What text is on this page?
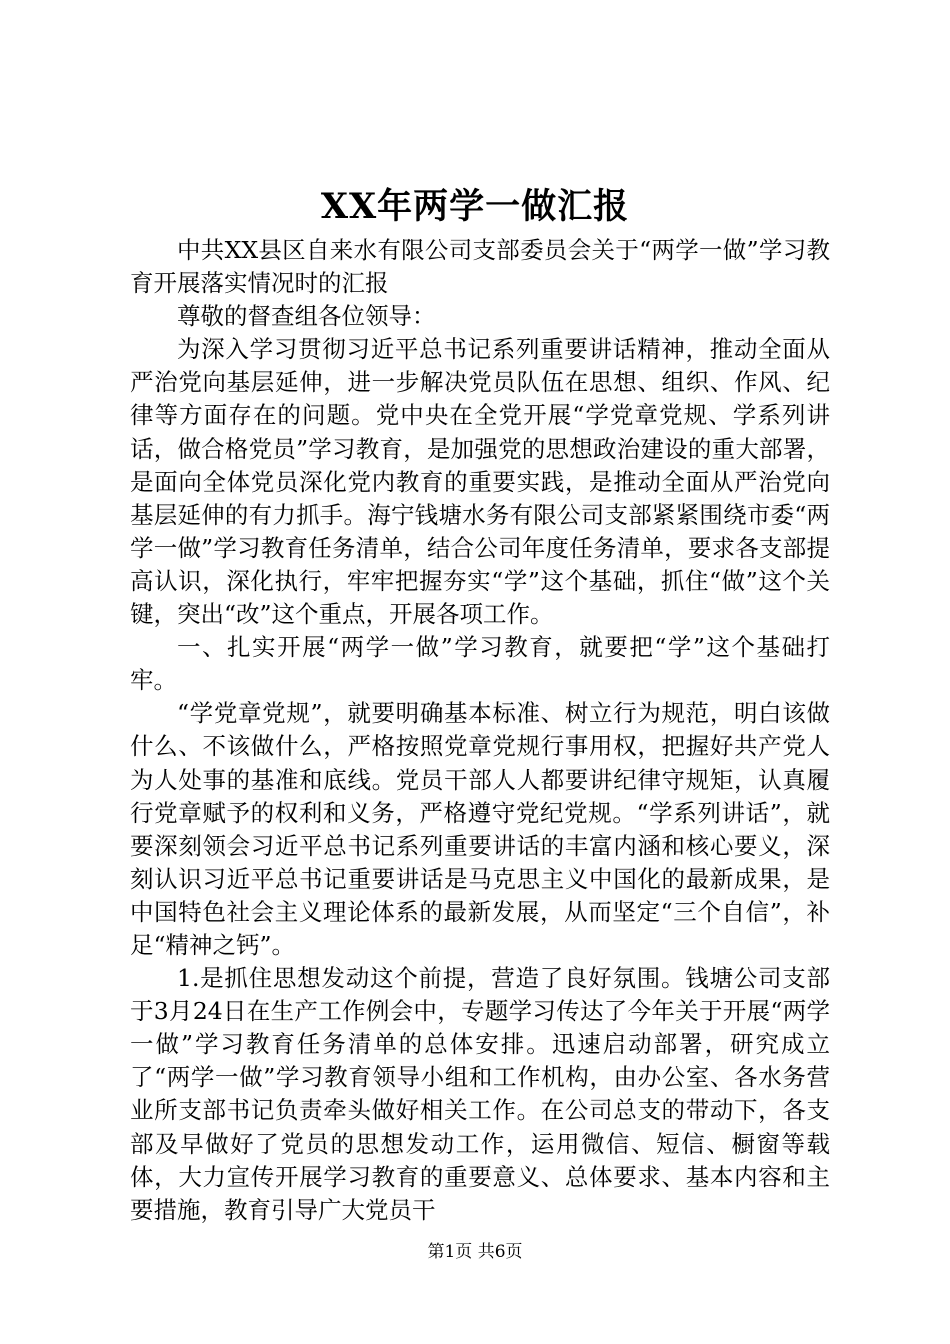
XX年两学一做汇报

中共XX县区自来水有限公司支部委员会关于“两学一做”学习教育开展落实情况时的汇报

尊敬的督查组各位领导：

为深入学习贯彻习近平总书记系列重要讲话精神，推动全面从严治党向基层延伸，进一步解决党员队伍在思想、组织、作风、纪律等方面存在的问题。党中央在全党开展“学党章党规、学系列讲话，做合格党员”学习教育，是加强党的思想政治建设的重大部署，是面向全体党员深化党内教育的重要实践，是推动全面从严治党向基层延伸的有力抓手。海宁钱塘水务有限公司支部紧紧围绕市委“两学一做”学习教育任务清单，结合公司年度任务清单，要求各支部提高认识，深化执行，牢牢把握夯实“学”这个基础，抓住“做”这个关键，突出“改”这个重点，开展各项工作。

一、扎实开展“两学一做”学习教育，就要把“学”这个基础打牢。

“学党章党规”，就要明确基本标准、树立行为规范，明白该做什么、不该做什么，严格按照党章党规行事用权，把握好共产党人为人处事的基准和底线。党员干部人人都要讲纪律守规矩，认真履行党章赋予的权利和义务，严格遵守党纪党规。“学系列讲话”，就要深刻领会习近平总书记系列重要讲话的丰富内涵和核心要义，深刻认识习近平总书记重要讲话是马克思主义中国化的最新成果，是中国特色社会主义理论体系的最新发展，从而坚定“三个自信”，补足“精神之钙”。

1.是抓住思想发动这个前提，营造了良好氛围。钱塘公司支部于3月24日在生产工作例会中，专题学习传达了今年关于开展“两学一做”学习教育任务清单的总体安排。迅速启动部署，研究成立了“两学一做”学习教育领导小组和工作机构，由办公室、各水务营业所支部书记负责牵头做好相关工作。在公司总支的带动下，各支部及早做好了党员的思想发动工作，运用微信、短信、橱窗等载体，大力宣传开展学习教育的重要意义、总体要求、基本内容和主要措施，教育引导广大党员干

第1页 共6页
